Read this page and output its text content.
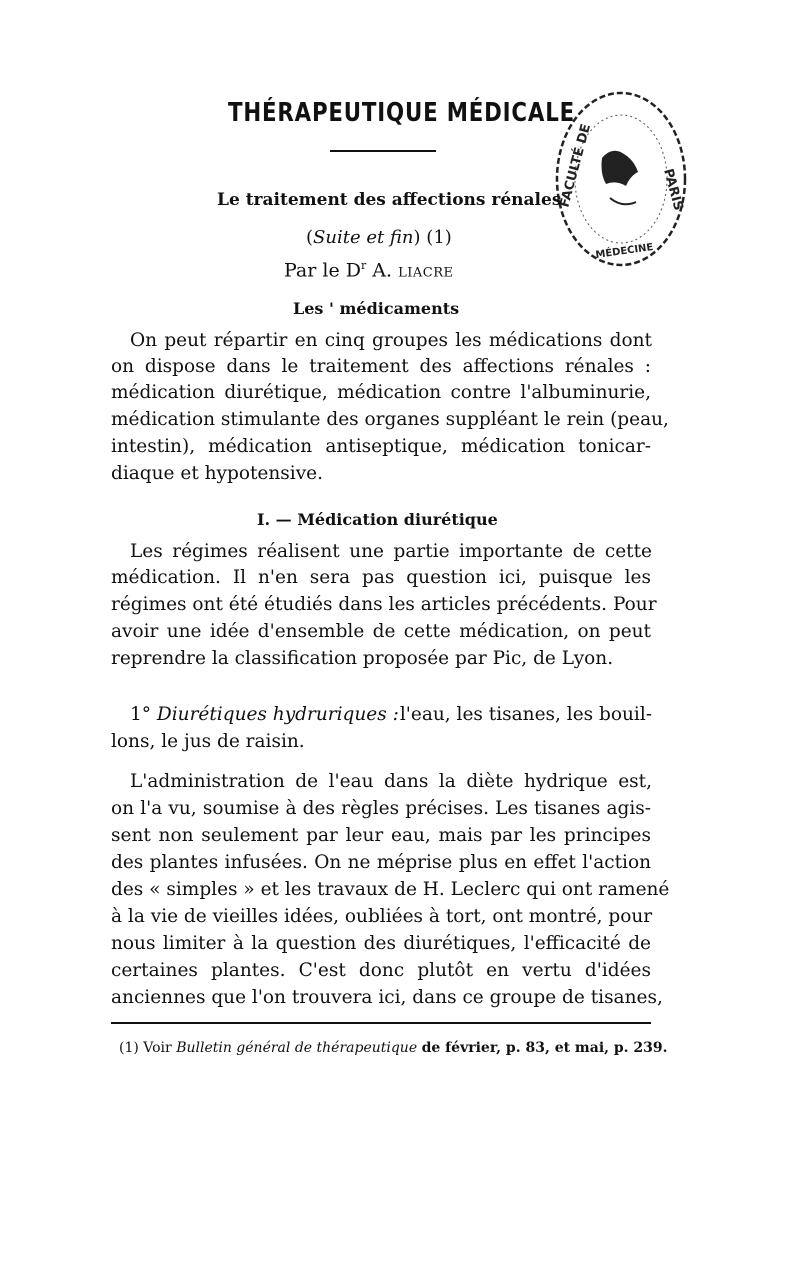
THÉRAPEUTIQUE MÉDICALE
FACULTÉ DE	PARIS
MÉDECINE
Le traitement des affections rénales
(Suite et fin) (1)
Par le $D^r$ A. LIACRE
Les ' médicaments
On peut répartir en cinq groupes les médications dont
on dispose dans le traitement des affections rénales :
médication diurétique, médication contre l'albuminurie,
médication stimulante des organes suppléant le rein (peau,
intestin), médication antiseptique, médication tonicar-
diaque et hypotensive.
I. — Médication diurétique
Les régimes réalisent une partie importante de cette
médication. Il n'en sera pas question ici, puisque les
régimes ont été étudiés dans les articles précédents. Pour
avoir une idée d'ensemble de cette médication, on peut
reprendre la classification proposée par Pic, de Lyon.
1° Diurétiques hydruriques : l'eau, les tisanes, les bouil-
lons, le jus de raisin.
L'administration de l'eau dans la diète hydrique est,
on l'a vu, soumise à des règles précises. Les tisanes agis-
sent non seulement par leur eau, mais par les principes
des plantes infusées. On ne méprise plus en effet l'action
des « simples » et les travaux de H. Leclerc qui ont ramené
à la vie de vieilles idées, oubliées à tort, ont montré, pour
nous limiter à la question des diurétiques, l'efficacité de
certaines plantes. C'est donc plutôt en vertu d'idées
anciennes que l'on trouvera ici, dans ce groupe de tisanes,
(1) Voir Bulletin général de thérapeutique de février, p. 83, et mai, p. 239.
